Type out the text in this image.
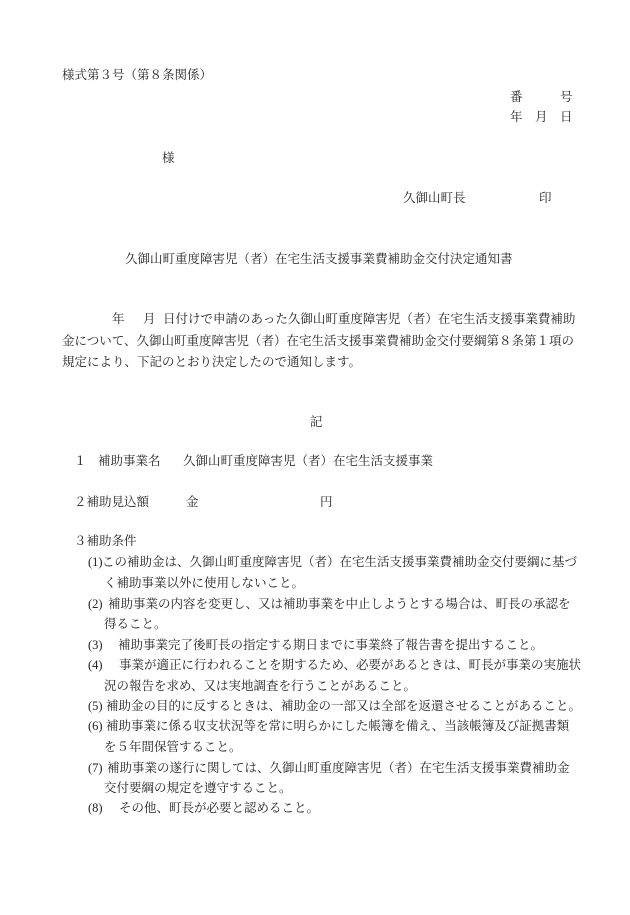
様式第３号（第８条関係）
番　　　号
年　月　日
様
久御山町長	印
久御山町重度障害児（者）在宅生活支援事業費補助金交付決定通知書
年 月 日付けで申請のあった久御山町重度障害児（者）在宅生活支援事業費補助
金について、久御山町重度障害児（者）在宅生活支援事業費補助金交付要綱第８条第１項の
規定により、下記のとおり決定したので通知します。
記
１ 補助事業名 久御山町重度障害児（者）在宅生活支援事業
２補助見込額	金	円
３補助条件
(1) この補助金は、久御山町重度障害児（者）在宅生活支援事業費補助金交付要綱に基づ
く補助事業以外に使用しないこと。
(2) 補助事業の内容を変更し、又は補助事業を中止しようとする場合は、町長の承認を
得ること。
(3) 補助事業完了後町長の指定する期日までに事業終了報告書を提出すること。
(4) 事業が適正に行われることを期するため、必要があるときは、町長が事業の実施状
況の報告を求め、又は実地調査を行うことがあること。
(5) 補助金の目的に反するときは、補助金の一部又は全部を返還させることがあること。
(6) 補助事業に係る収支状況等を常に明らかにした帳簿を備え、当該帳簿及び証拠書類
を５年間保管すること。
(7) 補助事業の遂行に関しては、久御山町重度障害児（者）在宅生活支援事業費補助金
交付要綱の規定を遵守すること。
(8) その他、町長が必要と認めること。
